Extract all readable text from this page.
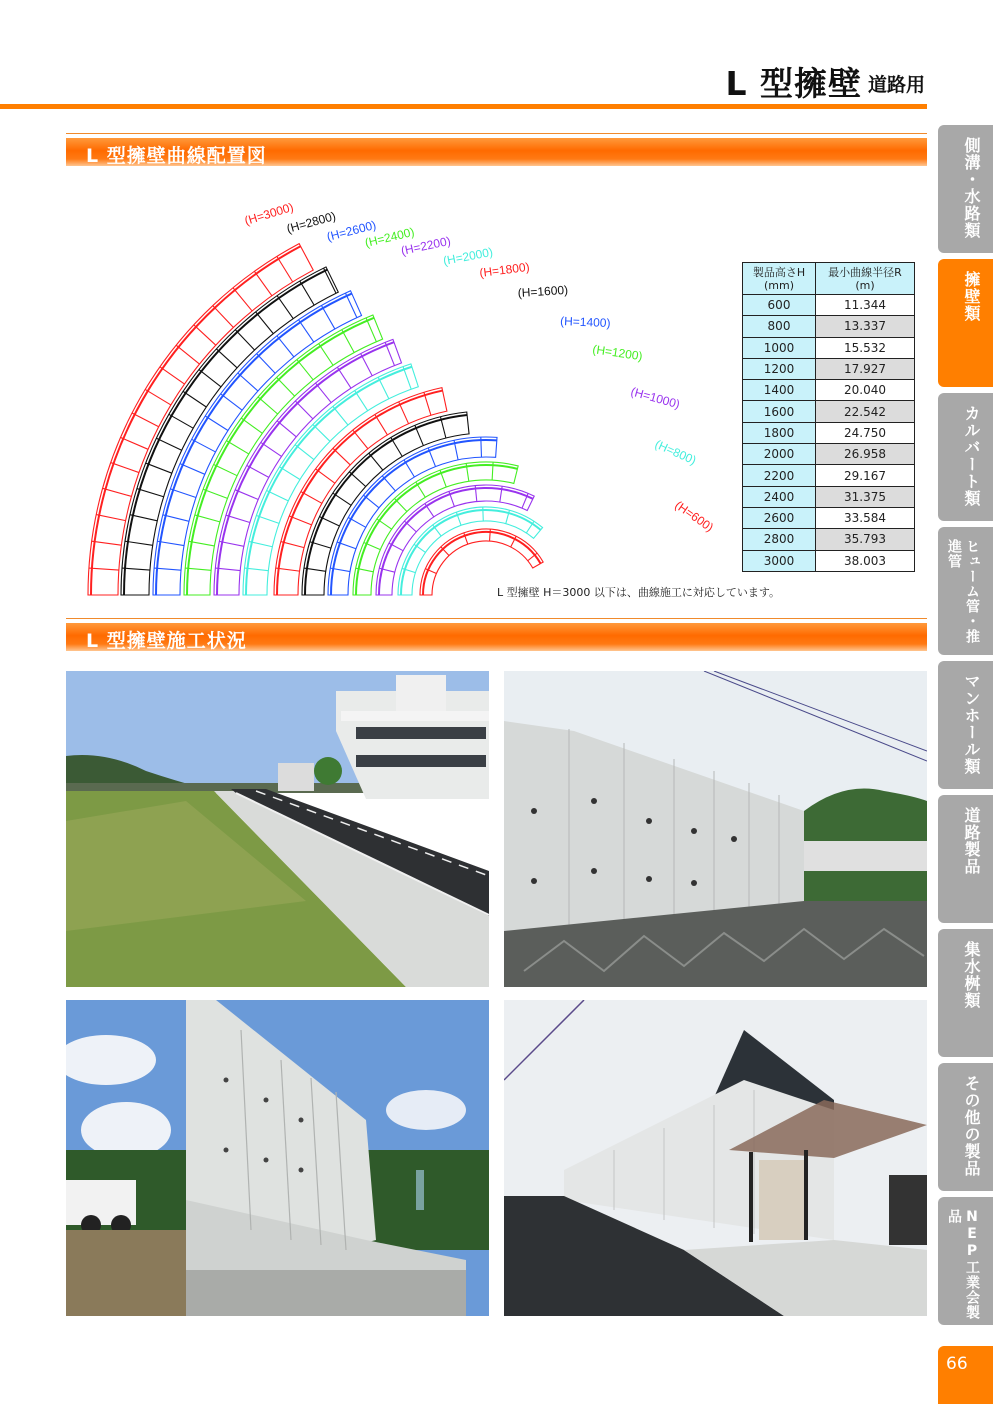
L 型擁壁 道路用
L 型擁壁曲線配置図
(H=3000)
(H=2800)
(H=2600)
(H=2400)
(H=2200)
(H=2000)
(H=1800)
(H=1600)
(H=1400)
(H=1200)
(H=1000)
(H=800)
(H=600)
製品高さH
(mm)	最小曲線半径R
(m)
600	11.344
800	13.337
1000	15.532
1200	17.927
1400	20.040
1600	22.542
1800	24.750
2000	26.958
2200	29.167
2400	31.375
2600	33.584
2800	35.793
3000	38.003
L 型擁壁 H＝3000 以下は、曲線施工に対応しています。
L 型擁壁施工状況
側溝・水路類
擁壁類
カルバート類
ヒューム管・推進管
マンホール類
道路製品
集水桝類
その他の製品
NEP工業会製品
66
